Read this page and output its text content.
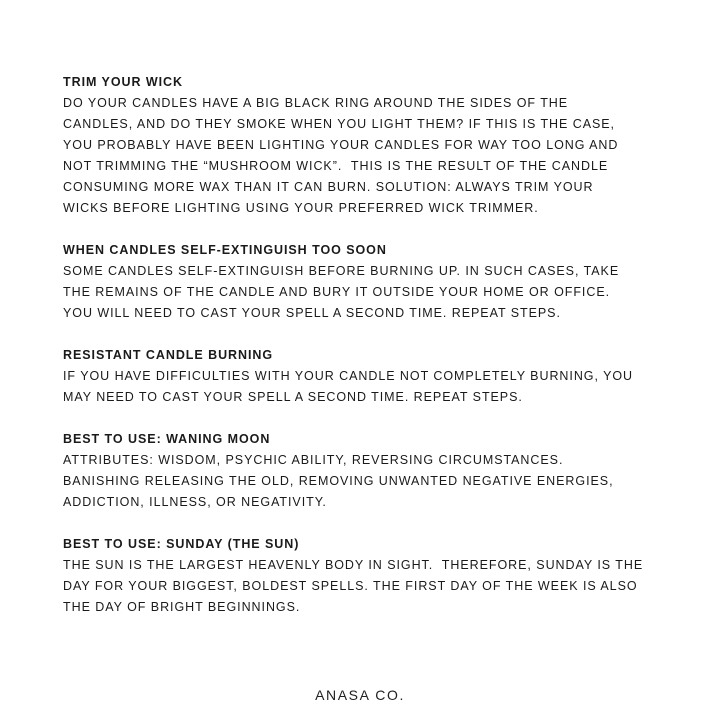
TRIM YOUR WICK

DO YOUR CANDLES HAVE A BIG BLACK RING AROUND THE SIDES OF THE

CANDLES, AND DO THEY SMOKE WHEN YOU LIGHT THEM? IF THIS IS THE CASE,

YOU PROBABLY HAVE BEEN LIGHTING YOUR CANDLES FOR WAY TOO LONG AND

NOT TRIMMING THE “MUSHROOM WICK”.  THIS IS THE RESULT OF THE CANDLE

CONSUMING MORE WAX THAN IT CAN BURN. SOLUTION: ALWAYS TRIM YOUR

WICKS BEFORE LIGHTING USING YOUR PREFERRED WICK TRIMMER.

WHEN CANDLES SELF-EXTINGUISH TOO SOON

SOME CANDLES SELF-EXTINGUISH BEFORE BURNING UP. IN SUCH CASES, TAKE

THE REMAINS OF THE CANDLE AND BURY IT OUTSIDE YOUR HOME OR OFFICE.

YOU WILL NEED TO CAST YOUR SPELL A SECOND TIME. REPEAT STEPS.

RESISTANT CANDLE BURNING

IF YOU HAVE DIFFICULTIES WITH YOUR CANDLE NOT COMPLETELY BURNING, YOU

MAY NEED TO CAST YOUR SPELL A SECOND TIME. REPEAT STEPS.

BEST TO USE: WANING MOON

ATTRIBUTES: WISDOM, PSYCHIC ABILITY, REVERSING CIRCUMSTANCES.

BANISHING RELEASING THE OLD, REMOVING UNWANTED NEGATIVE ENERGIES,

ADDICTION, ILLNESS, OR NEGATIVITY.

BEST TO USE: SUNDAY (THE SUN)

THE SUN IS THE LARGEST HEAVENLY BODY IN SIGHT.  THEREFORE, SUNDAY IS THE

DAY FOR YOUR BIGGEST, BOLDEST SPELLS. THE FIRST DAY OF THE WEEK IS ALSO

THE DAY OF BRIGHT BEGINNINGS.

ANASA CO.
